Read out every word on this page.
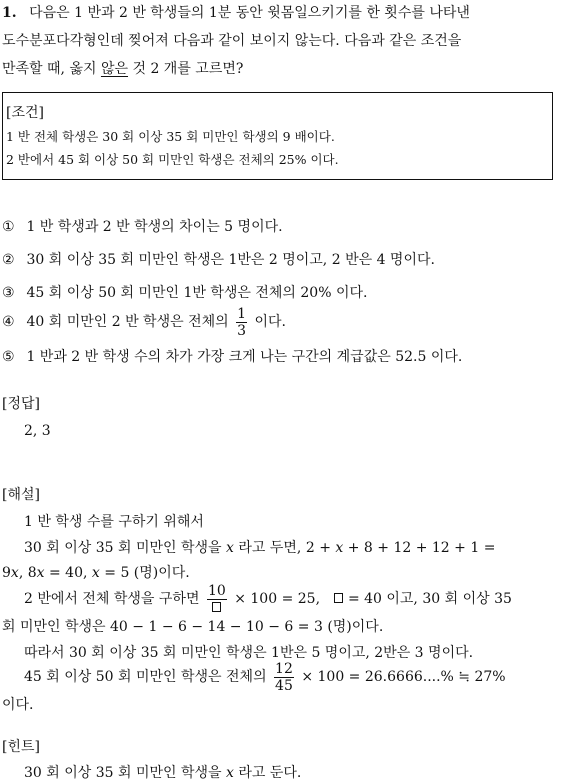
1. 다음은 1 반과 2 반 학생들의 1분 동안 윗몸일으키기를 한 횟수를 나타낸
도수분포다각형인데 찢어져 다음과 같이 보이지 않는다. 다음과 같은 조건을
만족할 때, 옳지 않은 것 2 개를 고르면?
[조건]
1 반 전체 학생은 30 회 이상 35 회 미만인 학생의 9 배이다.
2 반에서 45 회 이상 50 회 미만인 학생은 전체의 25% 이다.
① 1 반 학생과 2 반 학생의 차이는 5 명이다.
② 30 회 이상 35 회 미만인 학생은 1반은 2 명이고, 2 반은 4 명이다.
③ 45 회 이상 50 회 미만인 1반 학생은 전체의 20% 이다.
④ 40 회 미만인 2 반 학생은 전체의 $\frac{1}{3}$ 이다.
⑤ 1 반과 2 반 학생 수의 차가 가장 크게 나는 구간의 계급값은 52.5 이다.
[정답]
2, 3
[해설]
1 반 학생 수를 구하기 위해서
30 회 이상 35 회 미만인 학생을 x 라고 두면, 2 + x + 8 + 12 + 12 + 1 =
9x, 8x = 40, x = 5 (명)이다.
2 반에서 전체 학생을 구하면
10
× 100 = 25, = 40 이고, 30 회 이상 35
회 미만인 학생은 40 − 1 − 6 − 14 − 10 − 6 = 3 (명)이다.
따라서 30 회 이상 35 회 미만인 학생은 1반은 5 명이고, 2반은 3 명이다.
45 회 이상 50 회 미만인 학생은 전체의 $\frac{12}{45} \times 100 = 26.6666....\%$ ≒ 27%
이다.
[힌트]
30 회 이상 35 회 미만인 학생을 x 라고 둔다.
